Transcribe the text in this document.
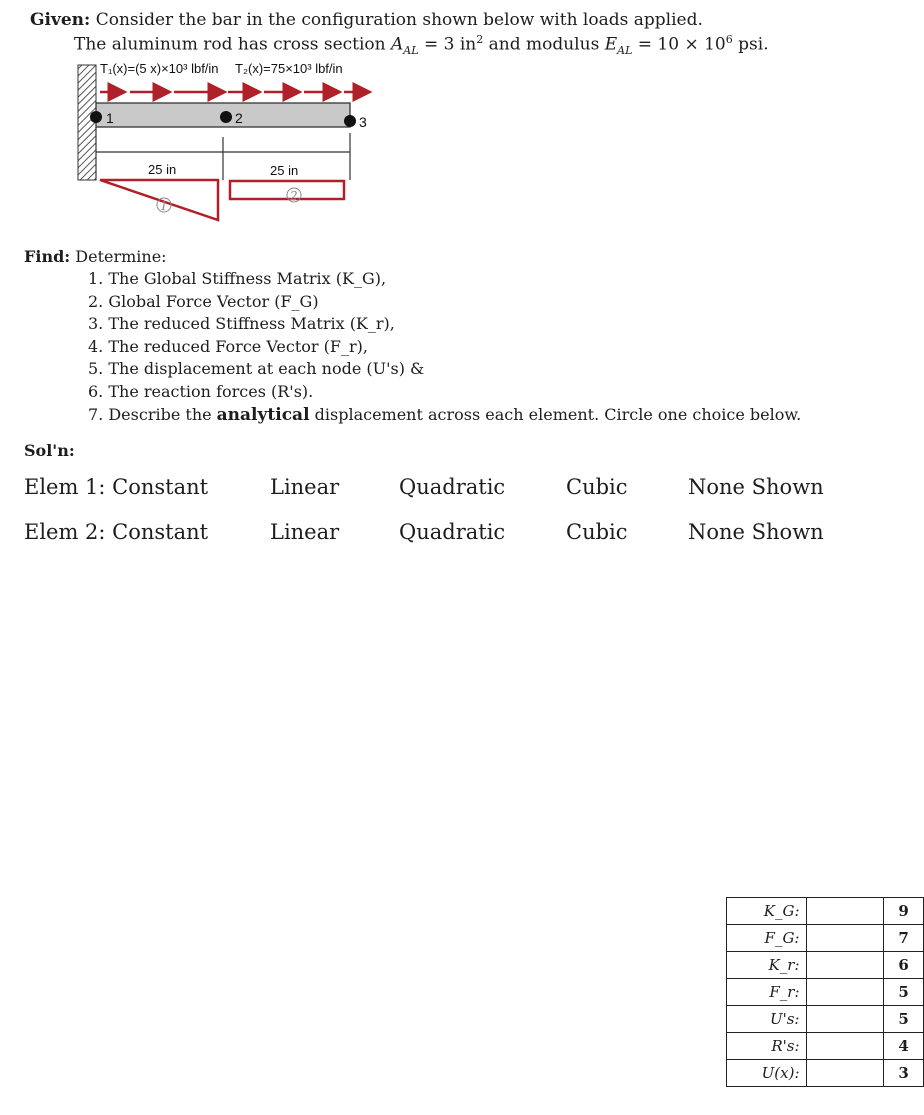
Given: Consider the bar in the configuration shown below with loads applied.
The aluminum rod has cross section $A_{AL} = 3$ $in^2$ and modulus $E_{AL} = 10 \times 10^6$ psi.
T₁(x)=(5 x)×10³ lbf/in T₂(x)=75×10³ lbf/in
1	2	3
25 in	25 in
1
2
Find: Determine:
1. The Global Stiffness Matrix (K_G),
2. Global Force Vector (F_G)
3. The reduced Stiffness Matrix (K_r),
4. The reduced Force Vector (F_r),
5. The displacement at each node (U's) &
6. The reaction forces (R's).
7. Describe the analytical displacement across each element. Circle one choice below.
Sol'n:
Elem 1: Constant	Linear	Quadratic	Cubic	None Shown
Elem 2: Constant	Linear	Quadratic	Cubic	None Shown
K_G:		9
F_G:		7
K_r:		6
F_r:		5
U's:		5
R's:		4
U(x):		3
